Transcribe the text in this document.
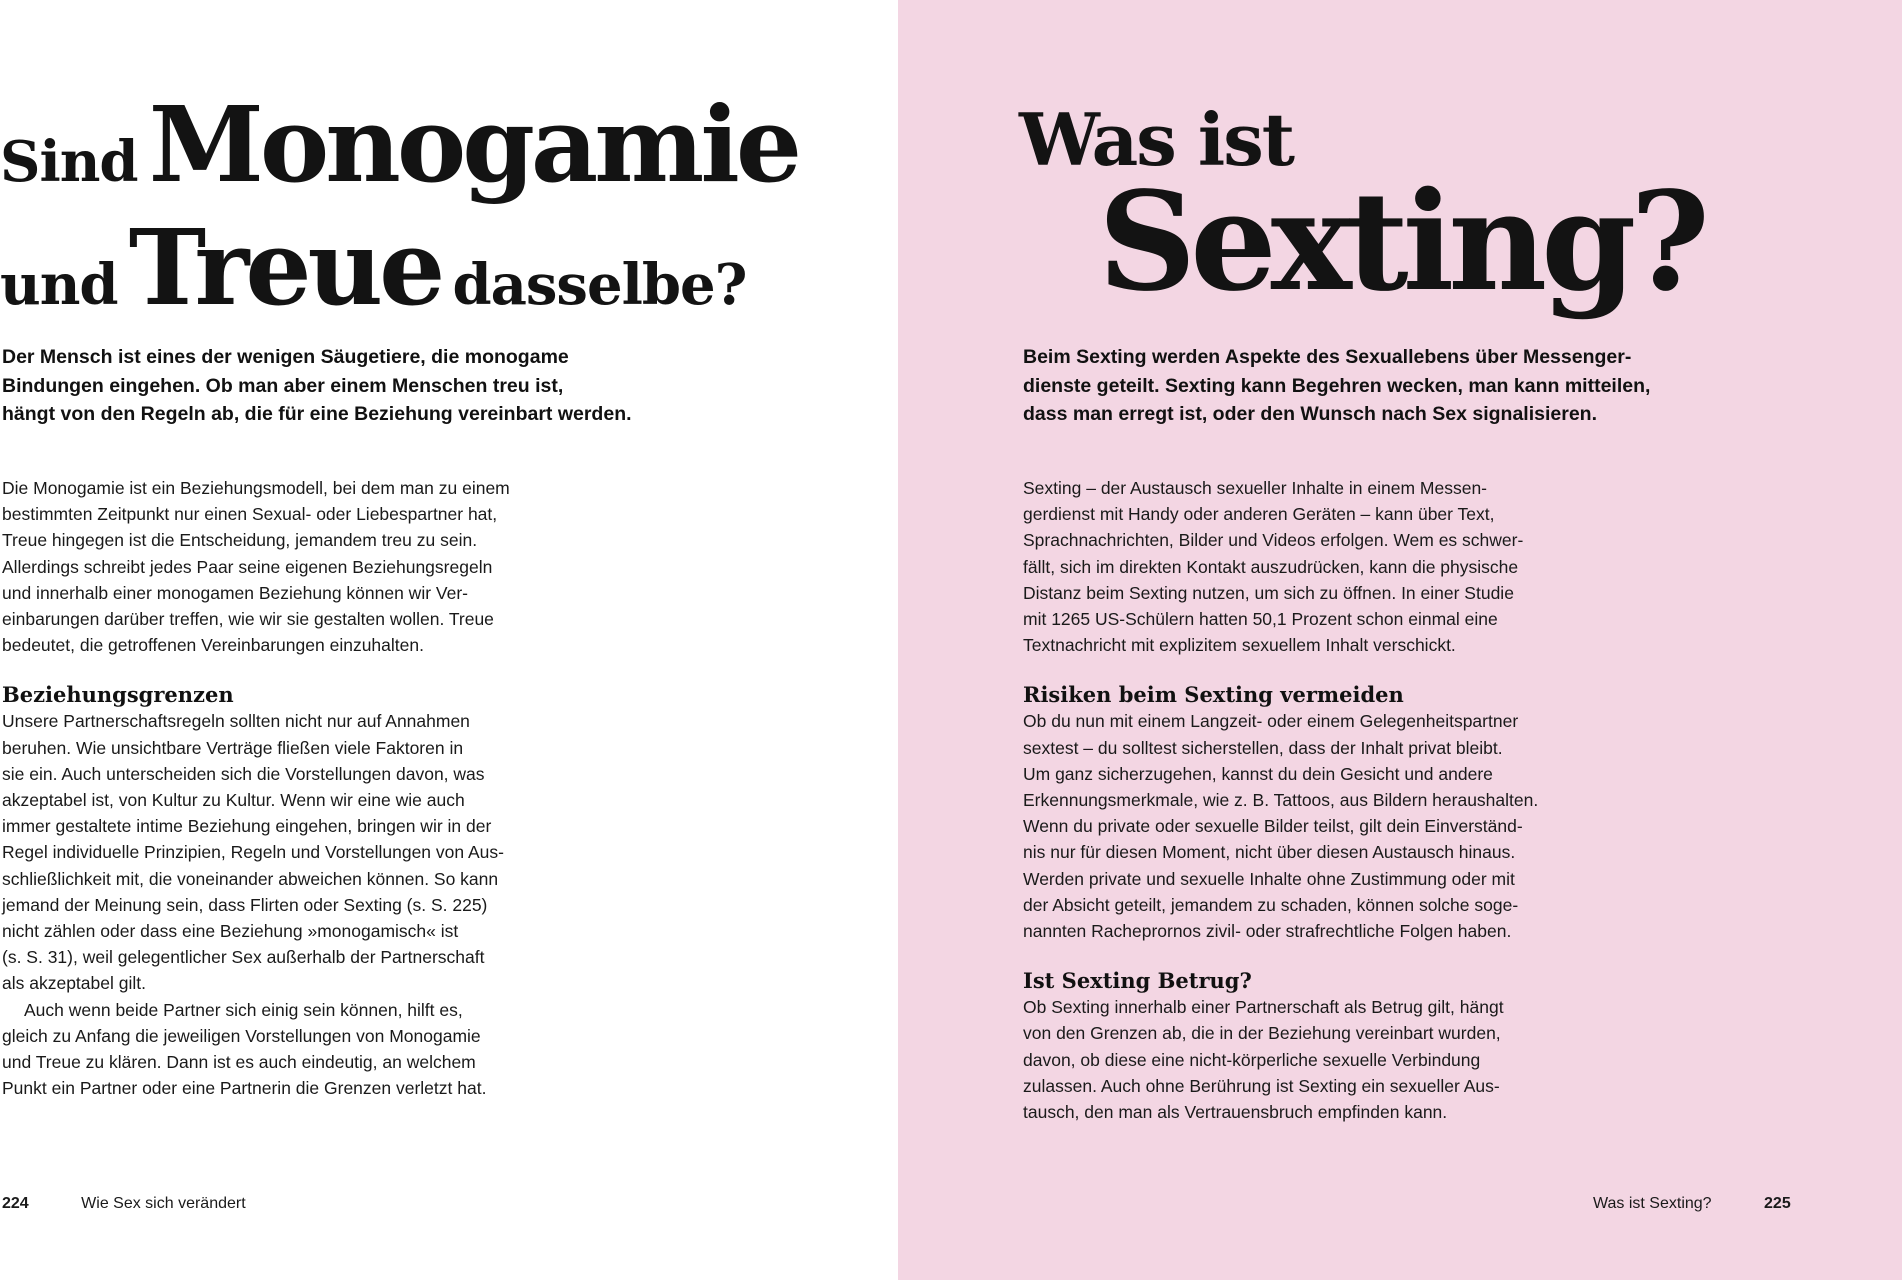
Sind Monogamie
und Treue dasselbe?
Der Mensch ist eines der wenigen Säugetiere, die monogame
Bindungen eingehen. Ob man aber einem Menschen treu ist,
hängt von den Regeln ab, die für eine Beziehung vereinbart werden.
Die Monogamie ist ein Beziehungsmodell, bei dem man zu einem
bestimmten Zeitpunkt nur einen Sexual- oder Liebespartner hat,
Treue hingegen ist die Entscheidung, jemandem treu zu sein.
Allerdings schreibt jedes Paar seine eigenen Beziehungsregeln
und innerhalb einer monogamen Beziehung können wir Ver-
einbarungen darüber treffen, wie wir sie gestalten wollen. Treue
bedeutet, die getroffenen Vereinbarungen einzuhalten.
Beziehungsgrenzen
Unsere Partnerschaftsregeln sollten nicht nur auf Annahmen
beruhen. Wie unsichtbare Verträge fließen viele Faktoren in
sie ein. Auch unterscheiden sich die Vorstellungen davon, was
akzeptabel ist, von Kultur zu Kultur. Wenn wir eine wie auch
immer gestaltete intime Beziehung eingehen, bringen wir in der
Regel individuelle Prinzipien, Regeln und Vorstellungen von Aus-
schließlichkeit mit, die voneinander abweichen können. So kann
jemand der Meinung sein, dass Flirten oder Sexting (s. S. 225)
nicht zählen oder dass eine Beziehung »monogamisch« ist
(s. S. 31), weil gelegentlicher Sex außerhalb der Partnerschaft
als akzeptabel gilt.
Auch wenn beide Partner sich einig sein können, hilft es,
gleich zu Anfang die jeweiligen Vorstellungen von Monogamie
und Treue zu klären. Dann ist es auch eindeutig, an welchem
Punkt ein Partner oder eine Partnerin die Grenzen verletzt hat.
224	Wie Sex sich verändert
Was ist
Sexting?
Beim Sexting werden Aspekte des Sexuallebens über Messenger-
dienste geteilt. Sexting kann Begehren wecken, man kann mitteilen,
dass man erregt ist, oder den Wunsch nach Sex signalisieren.
Sexting – der Austausch sexueller Inhalte in einem Messen-
gerdienst mit Handy oder anderen Geräten – kann über Text,
Sprachnachrichten, Bilder und Videos erfolgen. Wem es schwer-
fällt, sich im direkten Kontakt auszudrücken, kann die physische
Distanz beim Sexting nutzen, um sich zu öffnen. In einer Studie
mit 1265 US-Schülern hatten 50,1 Prozent schon einmal eine
Textnachricht mit explizitem sexuellem Inhalt verschickt.
Risiken beim Sexting vermeiden
Ob du nun mit einem Langzeit- oder einem Gelegenheitspartner
sextest – du solltest sicherstellen, dass der Inhalt privat bleibt.
Um ganz sicherzugehen, kannst du dein Gesicht und andere
Erkennungsmerkmale, wie z. B. Tattoos, aus Bildern heraushalten.
Wenn du private oder sexuelle Bilder teilst, gilt dein Einverständ-
nis nur für diesen Moment, nicht über diesen Austausch hinaus.
Werden private und sexuelle Inhalte ohne Zustimmung oder mit
der Absicht geteilt, jemandem zu schaden, können solche soge-
nannten Racheprornos zivil- oder strafrechtliche Folgen haben.
Ist Sexting Betrug?
Ob Sexting innerhalb einer Partnerschaft als Betrug gilt, hängt
von den Grenzen ab, die in der Beziehung vereinbart wurden,
davon, ob diese eine nicht-körperliche sexuelle Verbindung
zulassen. Auch ohne Berührung ist Sexting ein sexueller Aus-
tausch, den man als Vertrauensbruch empfinden kann.
Was ist Sexting?	225
